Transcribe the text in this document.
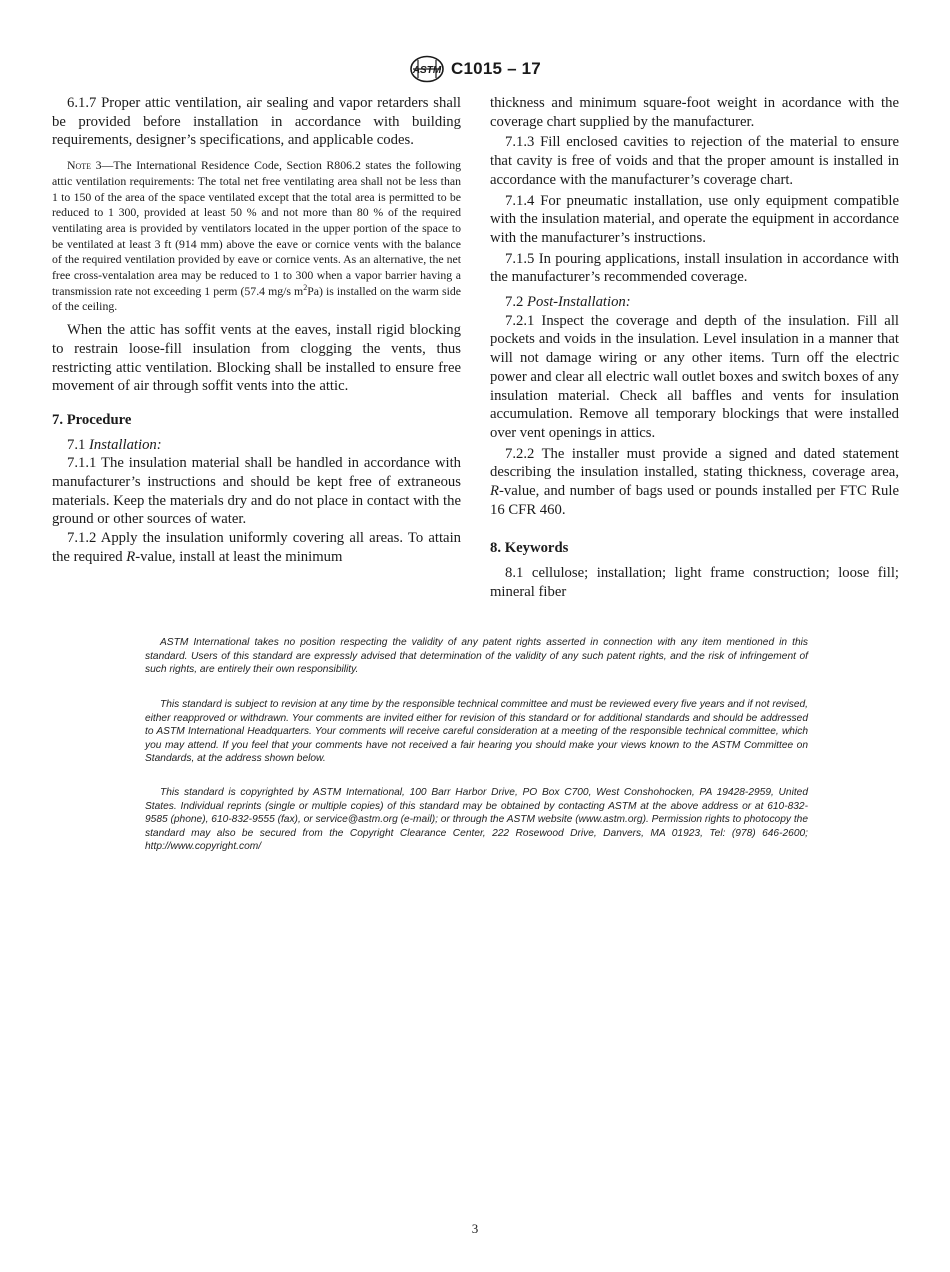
ASTM C1015 – 17

6.1.7 Proper attic ventilation, air sealing and vapor retarders shall be provided before installation in accordance with building requirements, designer’s specifications, and applicable codes.

Note 3—The International Residence Code, Section R806.2 states the following attic ventilation requirements: The total net free ventilating area shall not be less than 1 to 150 of the area of the space ventilated except that the total area is permitted to be reduced to 1 300, provided at least 50 % and not more than 80 % of the required ventilating area is provided by ventilators located in the upper portion of the space to be ventilated at least 3 ft (914 mm) above the eave or cornice vents with the balance of the required ventilation provided by eave or cornice vents. As an alternative, the net free cross-ventalation area may be reduced to 1 to 300 when a vapor barrier having a transmission rate not exceeding 1 perm (57.4 mg/s $m^2Pa$) is installed on the warm side of the ceiling.

When the attic has soffit vents at the eaves, install rigid blocking to restrain loose-fill insulation from clogging the vents, thus restricting attic ventilation. Blocking shall be installed to ensure free movement of air through soffit vents into the attic.

7. Procedure

7.1 Installation:

7.1.1 The insulation material shall be handled in accordance with manufacturer’s instructions and should be kept free of extraneous materials. Keep the materials dry and do not place in contact with the ground or other sources of water.

7.1.2 Apply the insulation uniformly covering all areas. To attain the required R-value, install at least the minimum

thickness and minimum square-foot weight in acordance with the coverage chart supplied by the manufacturer.

7.1.3 Fill enclosed cavities to rejection of the material to ensure that cavity is free of voids and that the proper amount is installed in accordance with the manufacturer’s coverage chart.

7.1.4 For pneumatic installation, use only equipment compatible with the insulation material, and operate the equipment in accordance with the manufacturer’s instructions.

7.1.5 In pouring applications, install insulation in accordance with the manufacturer’s recommended coverage.

7.2 Post-Installation:

7.2.1 Inspect the coverage and depth of the insulation. Fill all pockets and voids in the insulation. Level insulation in a manner that will not damage wiring or any other items. Turn off the electric power and clear all electric wall outlet boxes and switch boxes of any insulation material. Check all baffles and vents for insulation accumulation. Remove all temporary blockings that were installed over vent openings in attics.

7.2.2 The installer must provide a signed and dated statement describing the insulation installed, stating thickness, coverage area, R-value, and number of bags used or pounds installed per FTC Rule 16 CFR 460.

8. Keywords

8.1 cellulose; installation; light frame construction; loose fill; mineral fiber

ASTM International takes no position respecting the validity of any patent rights asserted in connection with any item mentioned in this standard. Users of this standard are expressly advised that determination of the validity of any such patent rights, and the risk of infringement of such rights, are entirely their own responsibility.

This standard is subject to revision at any time by the responsible technical committee and must be reviewed every five years and if not revised, either reapproved or withdrawn. Your comments are invited either for revision of this standard or for additional standards and should be addressed to ASTM International Headquarters. Your comments will receive careful consideration at a meeting of the responsible technical committee, which you may attend. If you feel that your comments have not received a fair hearing you should make your views known to the ASTM Committee on Standards, at the address shown below.

This standard is copyrighted by ASTM International, 100 Barr Harbor Drive, PO Box C700, West Conshohocken, PA 19428-2959, United States. Individual reprints (single or multiple copies) of this standard may be obtained by contacting ASTM at the above address or at 610-832-9585 (phone), 610-832-9555 (fax), or service@astm.org (e-mail); or through the ASTM website (www.astm.org). Permission rights to photocopy the standard may also be secured from the Copyright Clearance Center, 222 Rosewood Drive, Danvers, MA 01923, Tel: (978) 646-2600; http://www.copyright.com/

3
